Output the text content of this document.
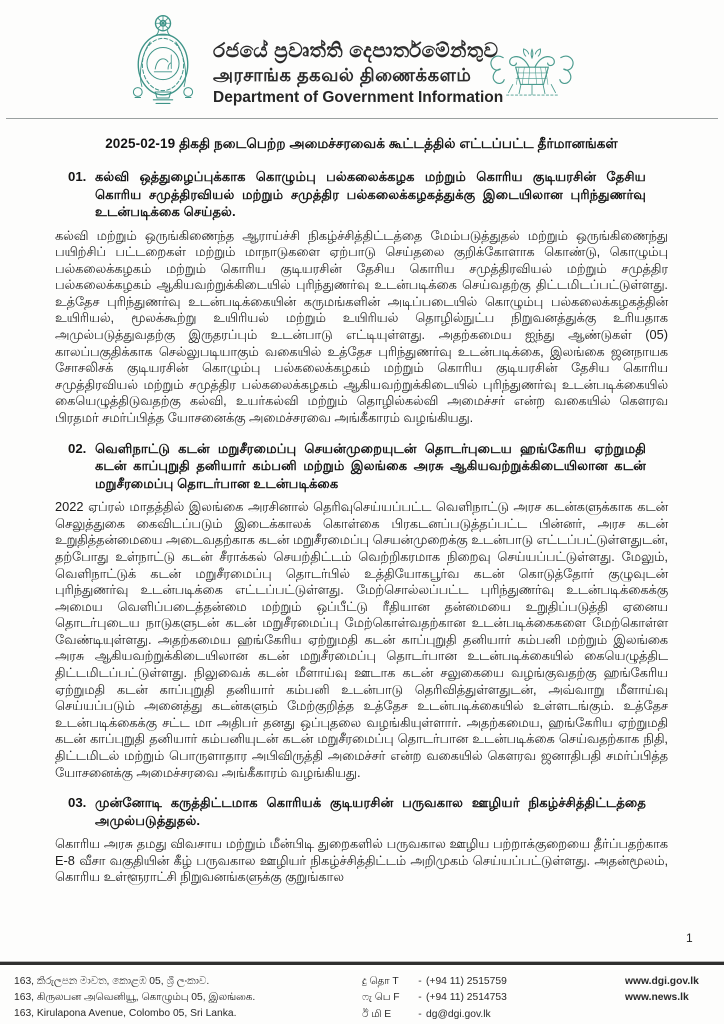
රජයේ ප්‍රවෘත්ති දෙපාර්තමේන්තුව
அரசாங்க தகவல் திணைக்களம்
Department of Government Information
2025-02-19 திகதி நடைபெற்ற அமைச்சரவைக் கூட்டத்தில் எட்டப்பட்ட தீர்மானங்கள்
01. கல்வி ஒத்துழைப்புக்காக கொழும்பு பல்கலைக்கழக மற்றும் கொரிய குடியரசின் தேசிய கொரிய சமுத்திரவியல் மற்றும் சமுத்திர பல்கலைக்கழகத்துக்கு இடையிலான புரிந்துணர்வு உடன்படிக்கை செய்தல்.

கல்வி மற்றும் ஒருங்கிணைந்த ஆராய்ச்சி நிகழ்ச்சித்திட்டத்தை மேம்படுத்துதல் மற்றும் ஒருங்கிணைந்து பயிற்சிப் பட்டறைகள் மற்றும் மாநாடுகளை ஏற்பாடு செய்தலை குறிக்கோளாக கொண்டு, கொழும்பு பல்கலைக்கழகம் மற்றும் கொரிய குடியரசின் தேசிய கொரிய சமுத்திரவியல் மற்றும் சமுத்திர பல்கலைக்கழகம் ஆகியவற்றுக்கிடையில் புரிந்துணர்வு உடன்படிக்கை செய்வதற்கு திட்டமிடப்பட்டுள்ளது. உத்தேச புரிந்துணர்வு உடன்படிக்கையின் கருமங்களின் அடிப்படையில் கொழும்பு பல்கலைக்கழகத்தின் உயிரியல், மூலக்கூற்று உயிரியல் மற்றும் உயிரியல் தொழில்நுட்ப நிறுவனத்துக்கு உரியதாக அமுல்படுத்துவதற்கு இருதரப்பும் உடன்பாடு எட்டியுள்ளது. அதற்கமைய ஐந்து ஆண்டுகள் (05) காலப்பகுதிக்காக செல்லுபடியாகும் வகையில் உத்தேச புரிந்துணர்வு உடன்படிக்கை, இலங்கை ஜனநாயக சோசலிசக் குடியரசின் கொழும்பு பல்கலைக்கழகம் மற்றும் கொரிய குடியரசின் தேசிய கொரிய சமுத்திரவியல் மற்றும் சமுத்திர பல்கலைக்கழகம் ஆகியவற்றுக்கிடையில் புரிந்துணர்வு உடன்படிக்கையில் கையெழுத்திடுவதற்கு கல்வி, உயர்கல்வி மற்றும் தொழில்கல்வி அமைச்சர் என்ற வகையில் கௌரவ பிரதமர் சமர்ப்பித்த யோசனைக்கு அமைச்சரவை அங்கீகாரம் வழங்கியது.

02. வெளிநாட்டு கடன் மறுசீரமைப்பு செயன்முறையுடன் தொடர்புடைய ஹங்கேரிய ஏற்றுமதி கடன் காப்புறுதி தனியார் கம்பனி மற்றும் இலங்கை அரசு ஆகியவற்றுக்கிடையிலான கடன் மறுசீரமைப்பு தொடர்பான உடன்படிக்கை

2022 ஏப்ரல் மாதத்தில் இலங்கை அரசினால் தெரிவுசெய்யப்பட்ட வெளிநாட்டு அரச கடன்களுக்காக கடன் செலுத்துகை கைவிடப்படும் இடைக்காலக் கொள்கை பிரகடனப்படுத்தப்பட்ட பின்னர், அரச கடன் உறுதித்தன்மையை அடைவதற்காக கடன் மறுசீரமைப்பு செயன்முறைக்கு உடன்பாடு எட்டப்பட்டுள்ளதுடன், தற்போது உள்நாட்டு கடன் சீராக்கல் செயற்திட்டம் வெற்றிகரமாக நிறைவு செய்யப்பட்டுள்ளது. மேலும், வெளிநாட்டுக் கடன் மறுசீரமைப்பு தொடர்பில் உத்தியோகபூர்வ கடன் கொடுத்தோர் குழுவுடன் புரிந்துணர்வு உடன்படிக்கை எட்டப்பட்டுள்ளது. மேற்சொல்லப்பட்ட புரிந்துணர்வு உடன்படிக்கைக்கு அமைய வெளிப்படைத்தன்மை மற்றும் ஒப்பீட்டு ரீதியான தன்மையை உறுதிப்படுத்தி ஏனைய தொடர்புடைய நாடுகளுடன் கடன் மறுசீரமைப்பு மேற்கொள்வதற்கான உடன்படிக்கைகளை மேற்கொள்ள வேண்டியுள்ளது. அதற்கமைய ஹங்கேரிய ஏற்றுமதி கடன் காப்புறுதி தனியார் கம்பனி மற்றும் இலங்கை அரசு ஆகியவற்றுக்கிடையிலான கடன் மறுசீரமைப்பு தொடர்பான உடன்படிக்கையில் கையெழுத்திட திட்டமிடப்பட்டுள்ளது. நிலுவைக் கடன் மீளாய்வு ஊடாக கடன் சலுகையை வழங்குவதற்கு ஹங்கேரிய ஏற்றுமதி கடன் காப்புறுதி தனியார் கம்பனி உடன்பாடு தெரிவித்துள்ளதுடன், அவ்வாறு மீளாய்வு செய்யப்படும் அனைத்து கடன்களும் மேற்குறித்த உத்தேச உடன்படிக்கையில் உள்ளடங்கும். உத்தேச உடன்படிக்கைக்கு சட்ட மா அதிபர் தனது ஒப்புதலை வழங்கியுள்ளார். அதற்கமைய, ஹங்கேரிய ஏற்றுமதி கடன் காப்புறுதி தனியார் கம்பனியுடன் கடன் மறுசீரமைப்பு தொடர்பான உடன்படிக்கை செய்வதற்காக நிதி, திட்டமிடல் மற்றும் பொருளாதார அபிவிருத்தி அமைச்சர் என்ற வகையில் கௌரவ ஜனாதிபதி சமர்ப்பித்த யோசனைக்கு அமைச்சரவை அங்கீகாரம் வழங்கியது.

03. முன்னோடி கருத்திட்டமாக கொரியக் குடியரசின் பருவகால ஊழியர் நிகழ்ச்சித்திட்டத்தை அமுல்படுத்துதல்.

கொரிய அரசு தமது விவசாய மற்றும் மீன்பிடி துறைகளில் பருவகால ஊழிய பற்றாக்குறையை தீர்ப்பதற்காக E-8 வீசா வகுதியின் கீழ் பருவகால ஊழியர் நிகழ்ச்சித்திட்டம் அறிமுகம் செய்யப்பட்டுள்ளது. அதன்மூலம், கொரிய உள்ளூராட்சி நிறுவனங்களுக்கு குறுங்கால

1
163, කිරුලපන මාවත, කොළඹ 05, ශ්‍රී ලංකාව.
163, கிருலபன அவெனியூ, கொழும்பு 05, இலங்கை.
163, Kirulapona Avenue, Colombo 05, Sri Lanka.
දු தொ T	- (+94 11) 2515759
ෆැ பெ F	- (+94 11) 2514753
ඊ மி E	- dg@dgi.gov.lk
www.dgi.gov.lk
www.news.lk
